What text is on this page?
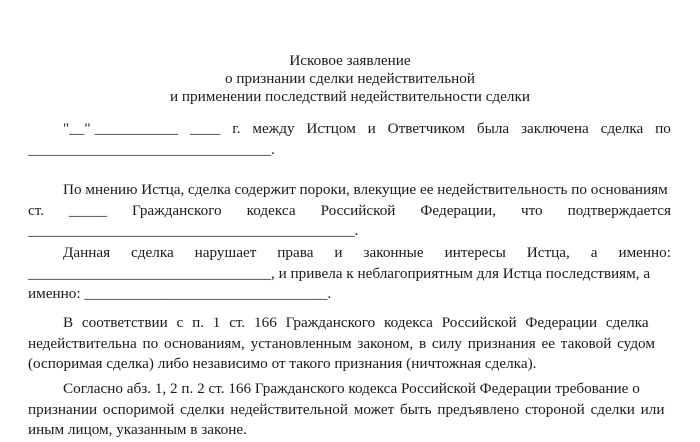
Исковое заявление
о признании сделки недействительной
и применении последствий недействительности сделки
"__" ___________ ____ г. между Истцом и Ответчиком была заключена сделка по
________________________________.
По мнению Истца, сделка содержит пороки, влекущие ее недействительность по основаниям
ст. _____ Гражданского кодекса Российской Федерации, что подтверждается
___________________________________________.
Данная сделка нарушает права и законные интересы Истца, а именно:
________________________________, и привела к неблагоприятным для Истца последствиям, а
именно: ________________________________.
В соответствии с п. 1 ст. 166 Гражданского кодекса Российской Федерации сделка
недействительна по основаниям, установленным законом, в силу признания ее таковой судом
(оспоримая сделка) либо независимо от такого признания (ничтожная сделка).
Согласно абз. 1, 2 п. 2 ст. 166 Гражданского кодекса Российской Федерации требование о
признании оспоримой сделки недействительной может быть предъявлено стороной сделки или
иным лицом, указанным в законе.
